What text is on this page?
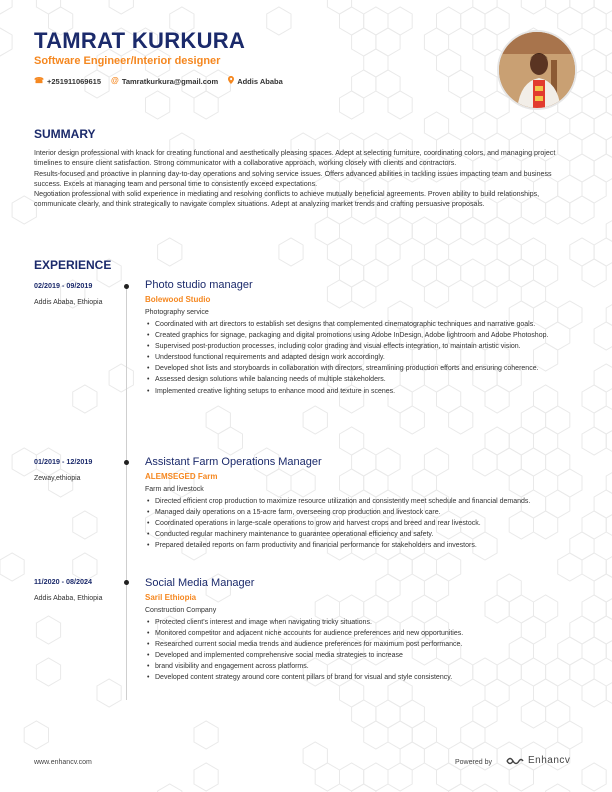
TAMRAT KURKURA
Software Engineer/Interior designer
☎ +251911069615 @ Tamratkurkura@gmail.com	Addis Ababa
SUMMARY

Interior design professional with knack for creating functional and aesthetically pleasing spaces. Adept at selecting furniture, coordinating colors, and managing project timelines to ensure client satisfaction. Strong communicator with a collaborative approach, working closely with clients and contractors.

Results-focused and proactive in planning day-to-day operations and solving service issues. Offers advanced abilities in tackling issues impacting team and business success. Excels at managing team and personal time to consistently exceed expectations.

Negotiation professional with solid experience in mediating and resolving conflicts to achieve mutually beneficial agreements. Proven ability to build relationships, communicate clearly, and think strategically to navigate complex situations. Adept at analyzing market trends and crafting persuasive proposals.

EXPERIENCE
02/2019 - 09/2019
Addis Ababa, Ethiopia
Photo studio manager
Bolewood Studio
Photography service
• Coordinated with art directors to establish set designs that complemented cinematographic techniques and narrative goals.
• Created graphics for signage, packaging and digital promotions using Adobe InDesign, Adobe lightroom and Adobe Photoshop.
• Supervised post-production processes, including color grading and visual effects integration, to maintain artistic vision.
• Understood functional requirements and adapted design work accordingly.
• Developed shot lists and storyboards in collaboration with directors, streamlining production efforts and ensuring coherence.
• Assessed design solutions while balancing needs of multiple stakeholders.
• Implemented creative lighting setups to enhance mood and texture in scenes.
01/2019 - 12/2019
Zeway,ethiopia
Assistant Farm Operations Manager
ALEMSEGED Farm
Farm and livestock
• Directed efficient crop production to maximize resource utilization and consistently meet schedule and financial demands.
• Managed daily operations on a 15-acre farm, overseeing crop production and livestock care.
• Coordinated operations in large-scale operations to grow and harvest crops and breed and rear livestock.
• Conducted regular machinery maintenance to guarantee operational efficiency and safety.
• Prepared detailed reports on farm productivity and financial performance for stakeholders and investors.
11/2020 - 08/2024
Addis Ababa, Ethiopia
Social Media Manager
Saril Ethiopia
Construction Company
• Protected client's interest and image when navigating tricky situations.
• Monitored competitor and adjacent niche accounts for audience preferences and new opportunities.
• Researched current social media trends and audience preferences for maximum post performance.
• Developed and implemented comprehensive social media strategies to increase
• brand visibility and engagement across platforms.
• Developed content strategy around core content pillars of brand for visual and style consistency.
www.enhancv.com	Powered by	Enhancv
